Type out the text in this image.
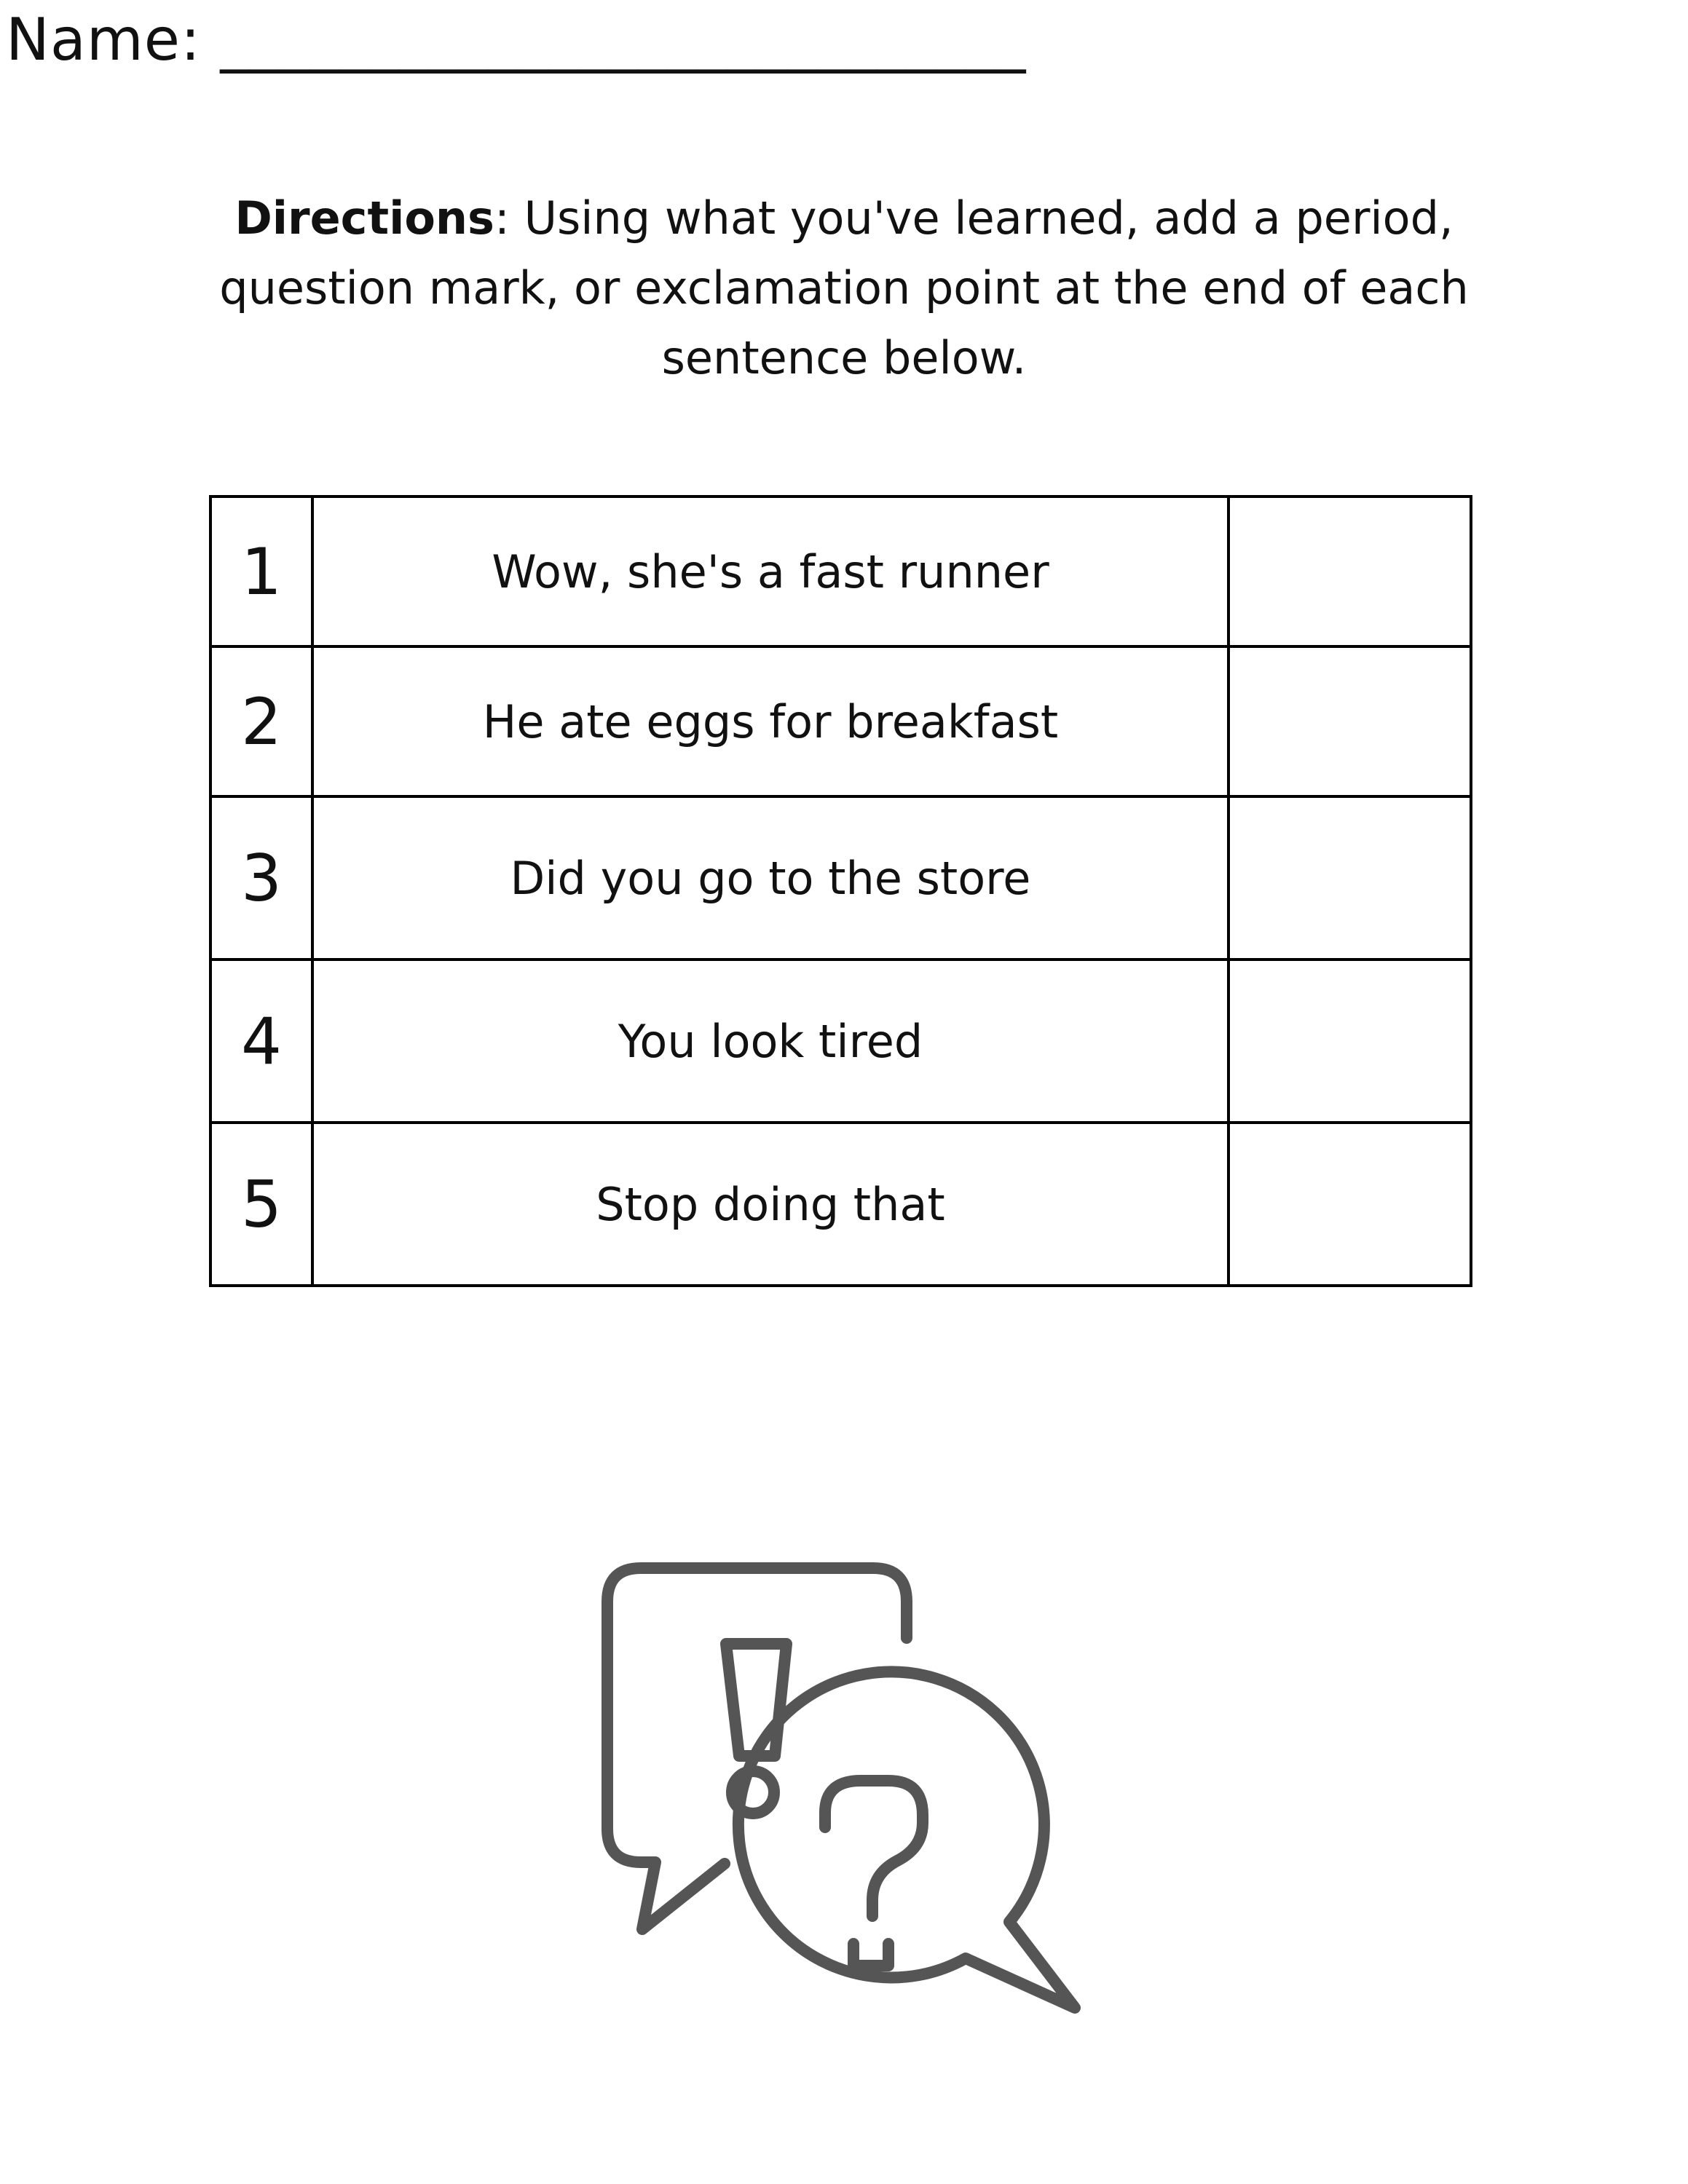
Name: ___________________________
Directions: Using what you've learned, add a period, question mark, or exclamation point at the end of each sentence below.
1	Wow, she's a fast runner	
2	He ate eggs for breakfast	
3	Did you go to the store	
4	You look tired	
5	Stop doing that	
